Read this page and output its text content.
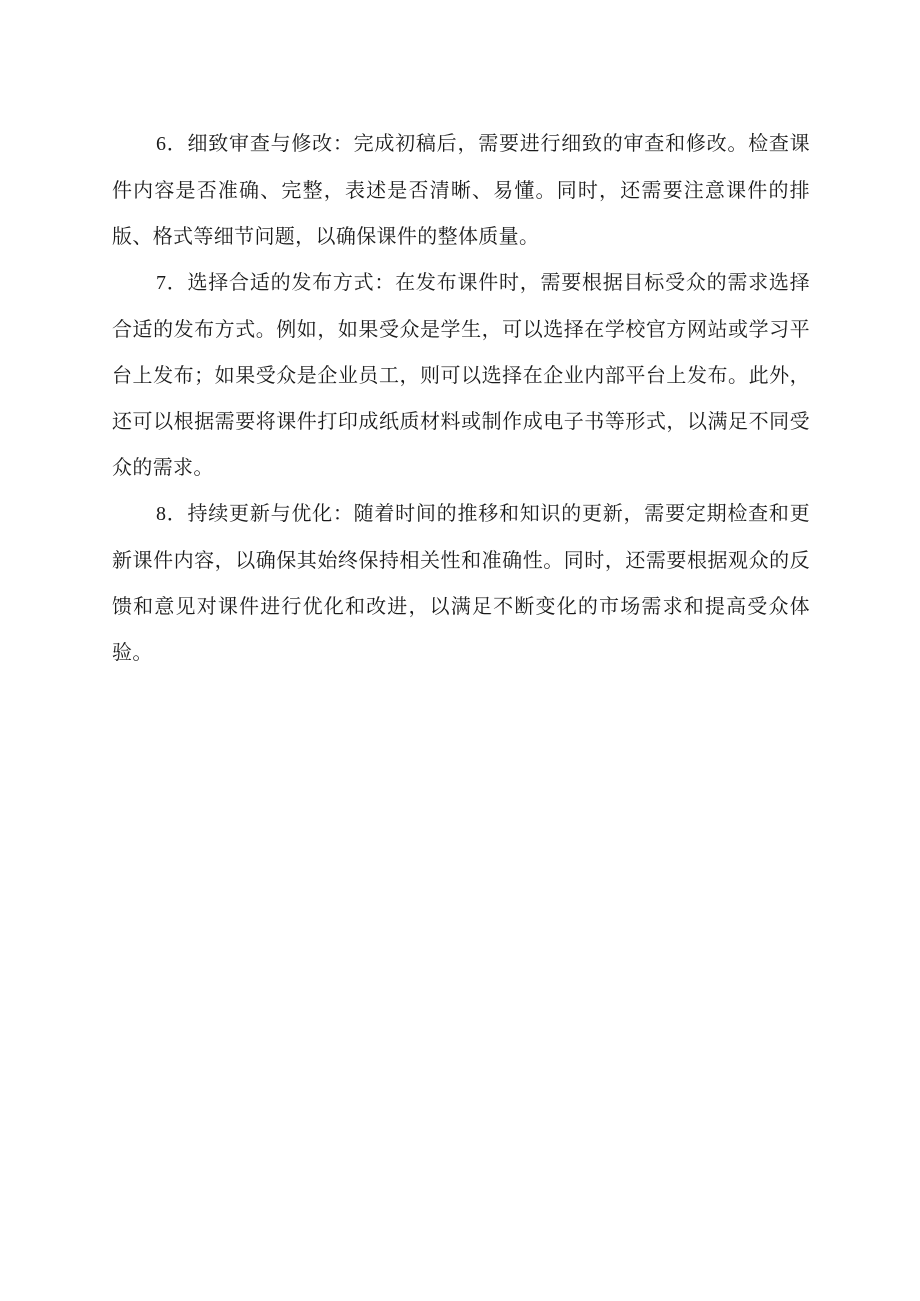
6．细致审查与修改：完成初稿后，需要进行细致的审查和修改。检查课件内容是否准确、完整，表述是否清晰、易懂。同时，还需要注意课件的排版、格式等细节问题，以确保课件的整体质量。

7．选择合适的发布方式：在发布课件时，需要根据目标受众的需求选择合适的发布方式。例如，如果受众是学生，可以选择在学校官方网站或学习平台上发布；如果受众是企业员工，则可以选择在企业内部平台上发布。此外，还可以根据需要将课件打印成纸质材料或制作成电子书等形式，以满足不同受众的需求。

8．持续更新与优化：随着时间的推移和知识的更新，需要定期检查和更新课件内容，以确保其始终保持相关性和准确性。同时，还需要根据观众的反馈和意见对课件进行优化和改进，以满足不断变化的市场需求和提高受众体验。
